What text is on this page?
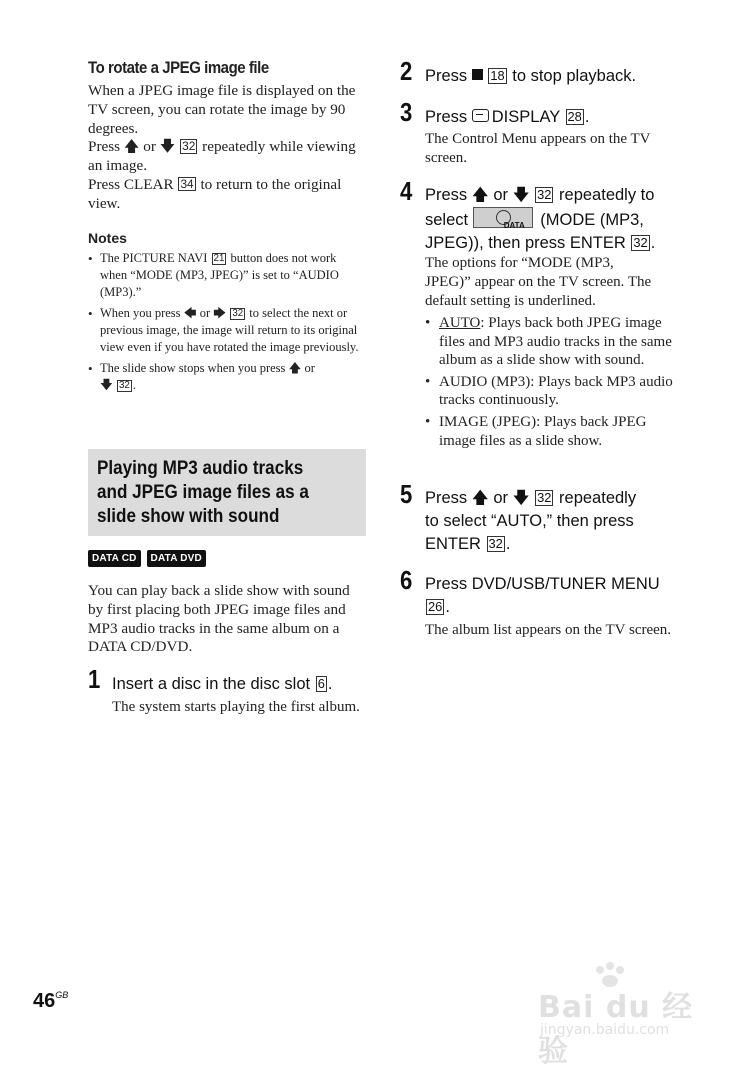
To rotate a JPEG image file
When a JPEG image file is displayed on the TV screen, you can rotate the image by 90 degrees.
Press 🡅 or 🡇 32 repeatedly while viewing an image.
Press CLEAR 34 to return to the original view.
Notes
• The PICTURE NAVI 21 button does not work when “MODE (MP3, JPEG)” is set to “AUDIO (MP3).”
• When you press 🡄 or 🡆 32 to select the next or previous image, the image will return to its original view even if you have rotated the image previously.
• The slide show stops when you press 🡅 or
🡇 32 .
Playing MP3 audio tracks and JPEG image files as a slide show with sound
DATA CD DATA DVD
You can play back a slide show with sound by first placing both JPEG image files and MP3 audio tracks in the same album on a DATA CD/DVD.
1 Insert a disc in the disc slot 6 .
The system starts playing the first album.
2 Press  18 to stop playback.
3 Press DISPLAY 28 .
The Control Menu appears on the TV screen.
4 Press 🡅 or 🡇 32 repeatedly to
select	DATA (MODE (MP3,
JPEG)), then press ENTER 32 .
The options for “MODE (MP3, JPEG)” appear on the TV screen. The default setting is underlined.
• AUTO: Plays back both JPEG image files and MP3 audio tracks in the same album as a slide show with sound.
• AUDIO (MP3): Plays back MP3 audio tracks continuously.
• IMAGE (JPEG): Plays back JPEG image files as a slide show.
5 Press 🡅 or 🡇 32 repeatedly
to select “AUTO,” then press
ENTER 32 .
6 Press DVD/USB/TUNER MENU
26 .
The album list appears on the TV screen.
$46^{GB}$	Bai du 经验
jingyan.baidu.com
